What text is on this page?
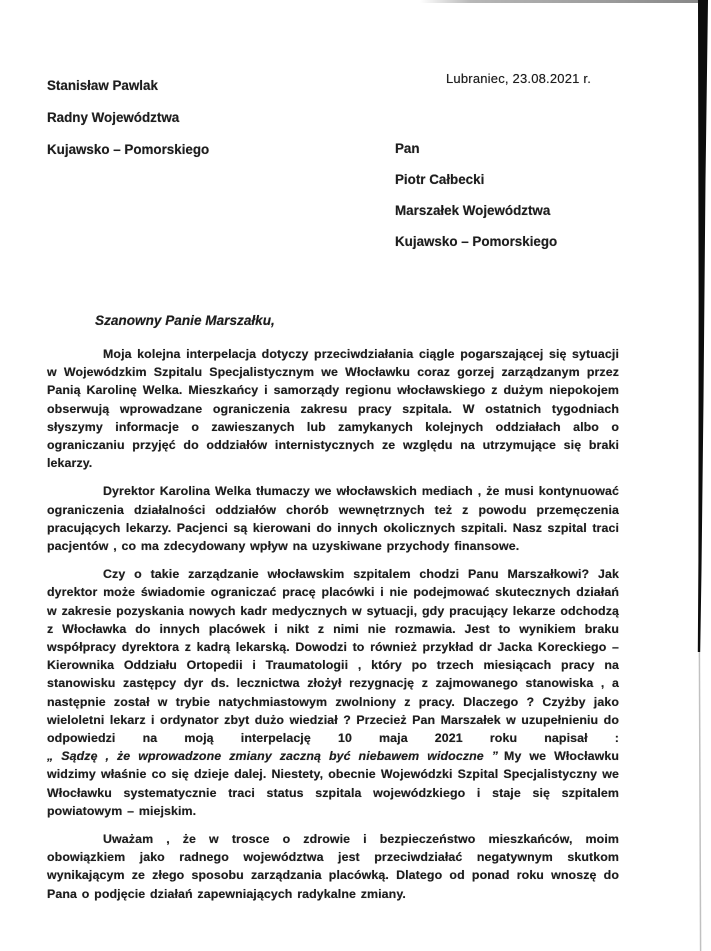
Stanisław Pawlak
Radny Województwa
Kujawsko – Pomorskiego
Lubraniec, 23.08.2021 r.
Pan
Piotr Całbecki
Marszałek Województwa
Kujawsko – Pomorskiego
Szanowny Panie Marszałku,

Moja kolejna interpelacja dotyczy przeciwdziałania ciągle pogarszającej się sytuacji w Wojewódzkim Szpitalu Specjalistycznym we Włocławku coraz gorzej zarządzanym przez Panią Karolinę Welka. Mieszkańcy i samorządy regionu włocławskiego z dużym niepokojem obserwują wprowadzane ograniczenia zakresu pracy szpitala. W ostatnich tygodniach słyszymy informacje o zawieszanych lub zamykanych kolejnych oddziałach albo o ograniczaniu przyjęć do oddziałów internistycznych ze względu na utrzymujące się braki lekarzy.

Dyrektor Karolina Welka tłumaczy we włocławskich mediach , że musi kontynuować ograniczenia działalności oddziałów chorób wewnętrznych też z powodu przemęczenia pracujących lekarzy. Pacjenci są kierowani do innych okolicznych szpitali. Nasz szpital traci pacjentów , co ma zdecydowany wpływ na uzyskiwane przychody finansowe.

Czy o takie zarządzanie włocławskim szpitalem chodzi Panu Marszałkowi? Jak dyrektor może świadomie ograniczać pracę placówki i nie podejmować skutecznych działań w zakresie pozyskania nowych kadr medycznych w sytuacji, gdy pracujący lekarze odchodzą z Włocławka do innych placówek i nikt z nimi nie rozmawia. Jest to wynikiem braku współpracy dyrektora z kadrą lekarską. Dowodzi to również przykład dr Jacka Koreckiego – Kierownika Oddziału Ortopedii i Traumatologii , który po trzech miesiącach pracy na stanowisku zastępcy dyr ds. lecznictwa złożył rezygnację z zajmowanego stanowiska , a następnie został w trybie natychmiastowym zwolniony z pracy. Dlaczego ? Czyżby jako wieloletni lekarz i ordynator zbyt dużo wiedział ? Przecież Pan Marszałek w uzupełnieniu do odpowiedzi na moją interpelację 10 maja 2021 roku napisał :
„ Sądzę , że wprowadzone zmiany zaczną być niebawem widoczne ” My we Włocławku widzimy właśnie co się dzieje dalej. Niestety, obecnie Wojewódzki Szpital Specjalistyczny we Włocławku systematycznie traci status szpitala wojewódzkiego i staje się szpitalem powiatowym – miejskim.

Uważam , że w trosce o zdrowie i bezpieczeństwo mieszkańców, moim obowiązkiem jako radnego województwa jest przeciwdziałać negatywnym skutkom wynikającym ze złego sposobu zarządzania placówką. Dlatego od ponad roku wnoszę do Pana o podjęcie działań zapewniających radykalne zmiany.
